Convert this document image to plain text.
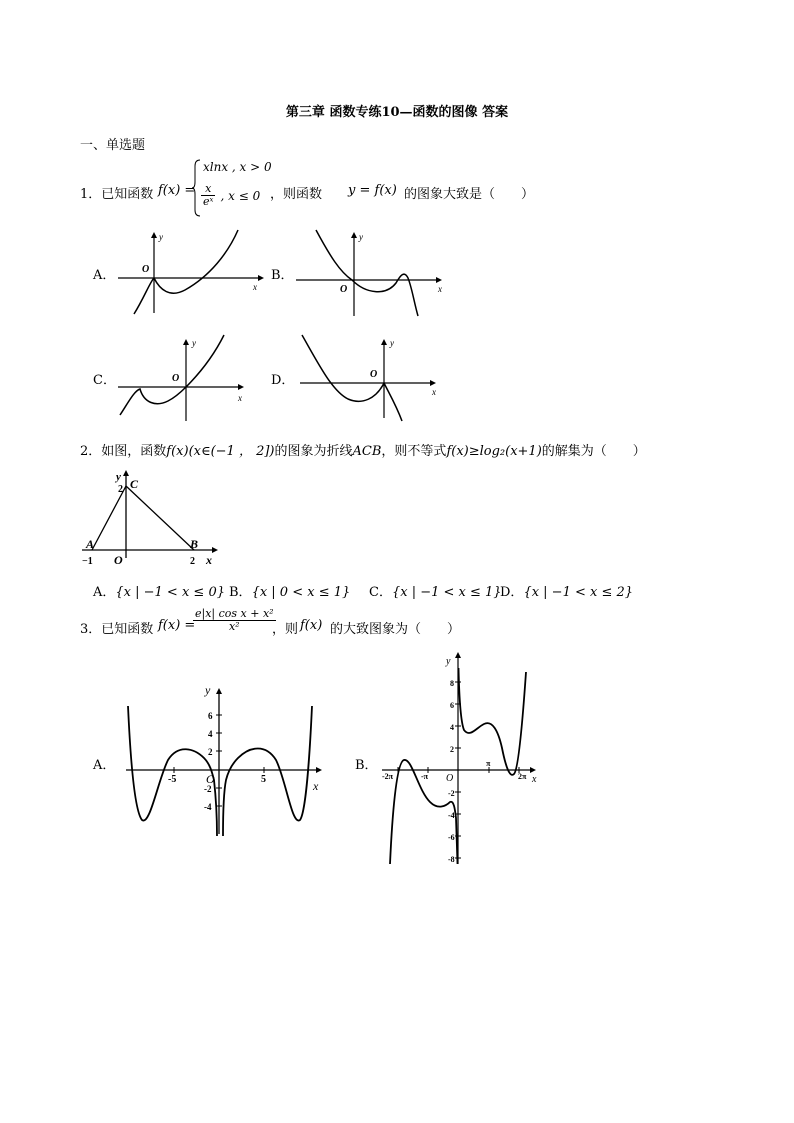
第三章 函数专练10—函数的图像 答案
一、单选题
1．已知函数 f(x) =
xlnx , x > 0
$\frac{x}{\text{eˣ}}$ , x ≤ 0 ，则函数 y = f(x) 的图象大致是（　　）
A．	B．
C．	D．
O
y
x	O
y
x
O
y
x
O
y
x
2．如图，函数f(x)(x∈(−1 ， 2])的图象为折线ACB，则不等式f(x)≥log₂(x+1)的解集为（　　）
y
2 C
A
−1 O
B
2 x
A．{x | −1 < x ≤ 0} B．{x | 0 < x ≤ 1} C．{x | −1 < x ≤ 1}
D．{x | −1 < x ≤ 2}
3．已知函数 f(x) =
$\frac{\text{e|x| cos x + x²}}{\text{x²}}$
，则 f(x) 的大致图象为（　　）
A．	B．
y
6
4
2
-2
-4
-5	5
O	x
y
8
6
4
2
-2
-4
-6
-8
-2π	-π
π
2π
O	x
